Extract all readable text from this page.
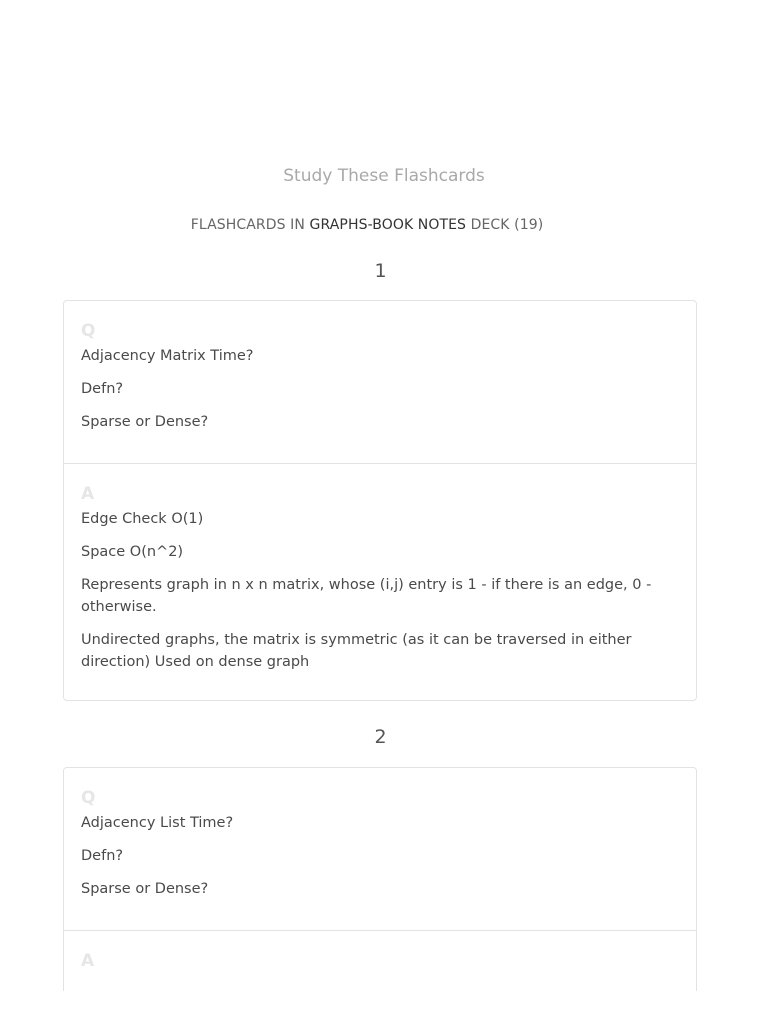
Study These Flashcards
FLASHCARDS IN GRAPHS-BOOK NOTES DECK (19)
1
Q
Adjacency Matrix Time?
Defn?
Sparse or Dense?
A
Edge Check O(1)
Space O(n^2)
Represents graph in n x n matrix, whose (i,j) entry is 1 - if there is an edge, 0 - otherwise.
Undirected graphs, the matrix is symmetric (as it can be traversed in either direction) Used on dense graph
2
Q
Adjacency List Time?
Defn?
Sparse or Dense?
A
